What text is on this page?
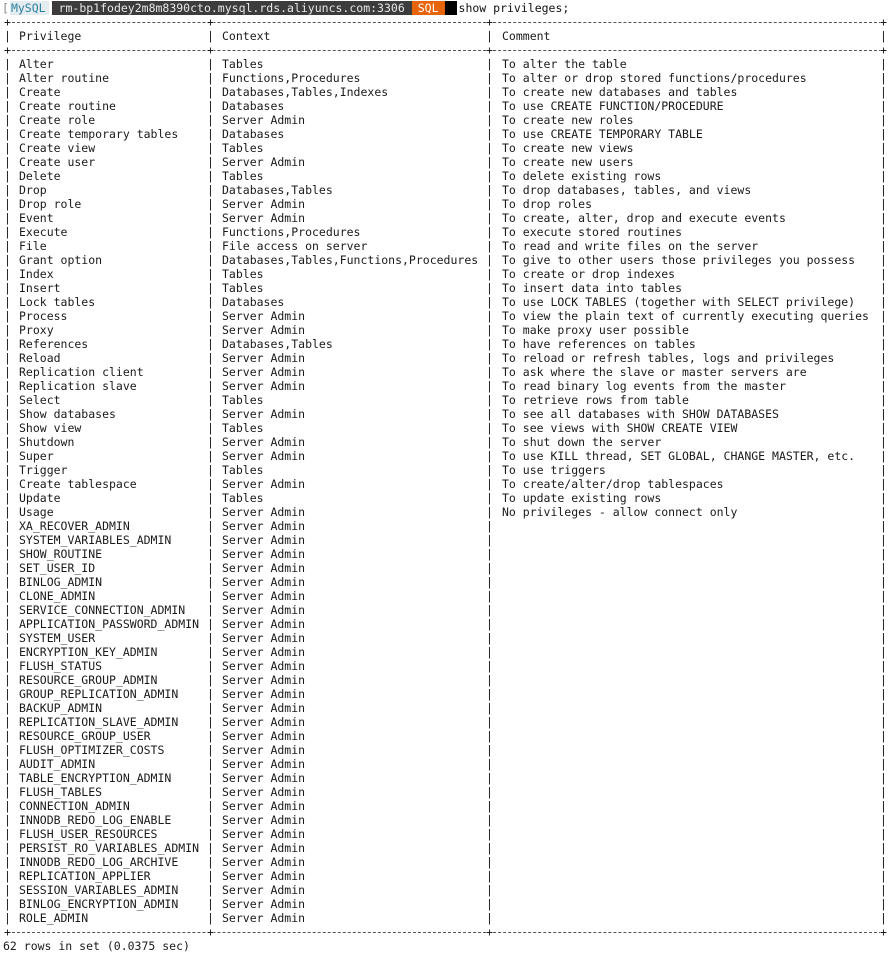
[ MySQL	rm-bp1fodey2m8m8390cto.mysql.rds.aliyuncs.com:3306	SQL	show privileges;
+	+	+	+
|	|	|	|
Privilege	Context	Comment
+	+	+	+
|	|	|	|
Alter	Tables	To alter the table
|	|	|	|
Alter routine	Functions,Procedures	To alter or drop stored functions/procedures
|	|	|	|
Create	Databases,Tables,Indexes	To create new databases and tables
|	|	|	|
Create routine	Databases	To use CREATE FUNCTION/PROCEDURE
|	|	|	|
Create role	Server Admin	To create new roles
|	|	|	|
Create temporary tables	Databases	To use CREATE TEMPORARY TABLE
|	|	|	|
Create view	Tables	To create new views
|	|	|	|
Create user	Server Admin	To create new users
|	|	|	|
Delete	Tables	To delete existing rows
|	|	|	|
Drop	Databases,Tables	To drop databases, tables, and views
|	|	|	|
Drop role	Server Admin	To drop roles
|	|	|	|
Event	Server Admin	To create, alter, drop and execute events
|	|	|	|
Execute	Functions,Procedures	To execute stored routines
|	|	|	|
File	File access on server	To read and write files on the server
|	|	|	|
Grant option	Databases,Tables,Functions,Procedures To give to other users those privileges you possess
|	|	|	|
Index	Tables	To create or drop indexes
|	|	|	|
Insert	Tables	To insert data into tables
|	|	|	|
Lock tables	Databases	To use LOCK TABLES (together with SELECT privilege)
|	|	|	|
Process	Server Admin	To view the plain text of currently executing queries
|	|	|	|
Proxy	Server Admin	To make proxy user possible
|	|	|	|
References	Databases,Tables	To have references on tables
|	|	|	|
Reload	Server Admin	To reload or refresh tables, logs and privileges
|	|	|	|
Replication client	Server Admin	To ask where the slave or master servers are
|	|	|	|
Replication slave	Server Admin	To read binary log events from the master
|	|	|	|
Select	Tables	To retrieve rows from table
|	|	|	|
Show databases	Server Admin	To see all databases with SHOW DATABASES
|	|	|	|
Show view	Tables	To see views with SHOW CREATE VIEW
|	|	|	|
Shutdown	Server Admin	To shut down the server
|	|	|	|
Super	Server Admin	To use KILL thread, SET GLOBAL, CHANGE MASTER, etc.
|	|	|	|
Trigger	Tables	To use triggers
|	|	|	|
Create tablespace	Server Admin	To create/alter/drop tablespaces
|	|	|	|
Update	Tables	To update existing rows
|	|	|	|
Usage	Server Admin	No privileges - allow connect only
|	|	|	|
XA_RECOVER_ADMIN	Server Admin
|	|	|	|
SYSTEM_VARIABLES_ADMIN	Server Admin
|	|	|	|
SHOW_ROUTINE	Server Admin
|	|	|	|
SET_USER_ID	Server Admin
|	|	|	|
BINLOG_ADMIN	Server Admin
|	|	|	|
CLONE_ADMIN	Server Admin
|	|	|	|
SERVICE_CONNECTION_ADMIN	Server Admin
|	|	|	|
APPLICATION_PASSWORD_ADMIN Server Admin
|	|	|	|
SYSTEM_USER	Server Admin
|	|	|	|
ENCRYPTION_KEY_ADMIN	Server Admin
|	|	|	|
FLUSH_STATUS	Server Admin
|	|	|	|
RESOURCE_GROUP_ADMIN	Server Admin
|	|	|	|
GROUP_REPLICATION_ADMIN	Server Admin
|	|	|	|
BACKUP_ADMIN	Server Admin
|	|	|	|
REPLICATION_SLAVE_ADMIN	Server Admin
|	|	|	|
RESOURCE_GROUP_USER	Server Admin
|	|	|	|
FLUSH_OPTIMIZER_COSTS	Server Admin
|	|	|	|
AUDIT_ADMIN	Server Admin
|	|	|	|
TABLE_ENCRYPTION_ADMIN	Server Admin
|	|	|	|
FLUSH_TABLES	Server Admin
|	|	|	|
CONNECTION_ADMIN	Server Admin
|	|	|	|
INNODB_REDO_LOG_ENABLE	Server Admin
|	|	|	|
FLUSH_USER_RESOURCES	Server Admin
|	|	|	|
PERSIST_RO_VARIABLES_ADMIN Server Admin
|	|	|	|
INNODB_REDO_LOG_ARCHIVE	Server Admin
|	|	|	|
REPLICATION_APPLIER	Server Admin
|	|	|	|
SESSION_VARIABLES_ADMIN	Server Admin
|	|	|	|
BINLOG_ENCRYPTION_ADMIN	Server Admin
|	|	|	|
ROLE_ADMIN	Server Admin
+	+	+	+
62 rows in set (0.0375 sec)
